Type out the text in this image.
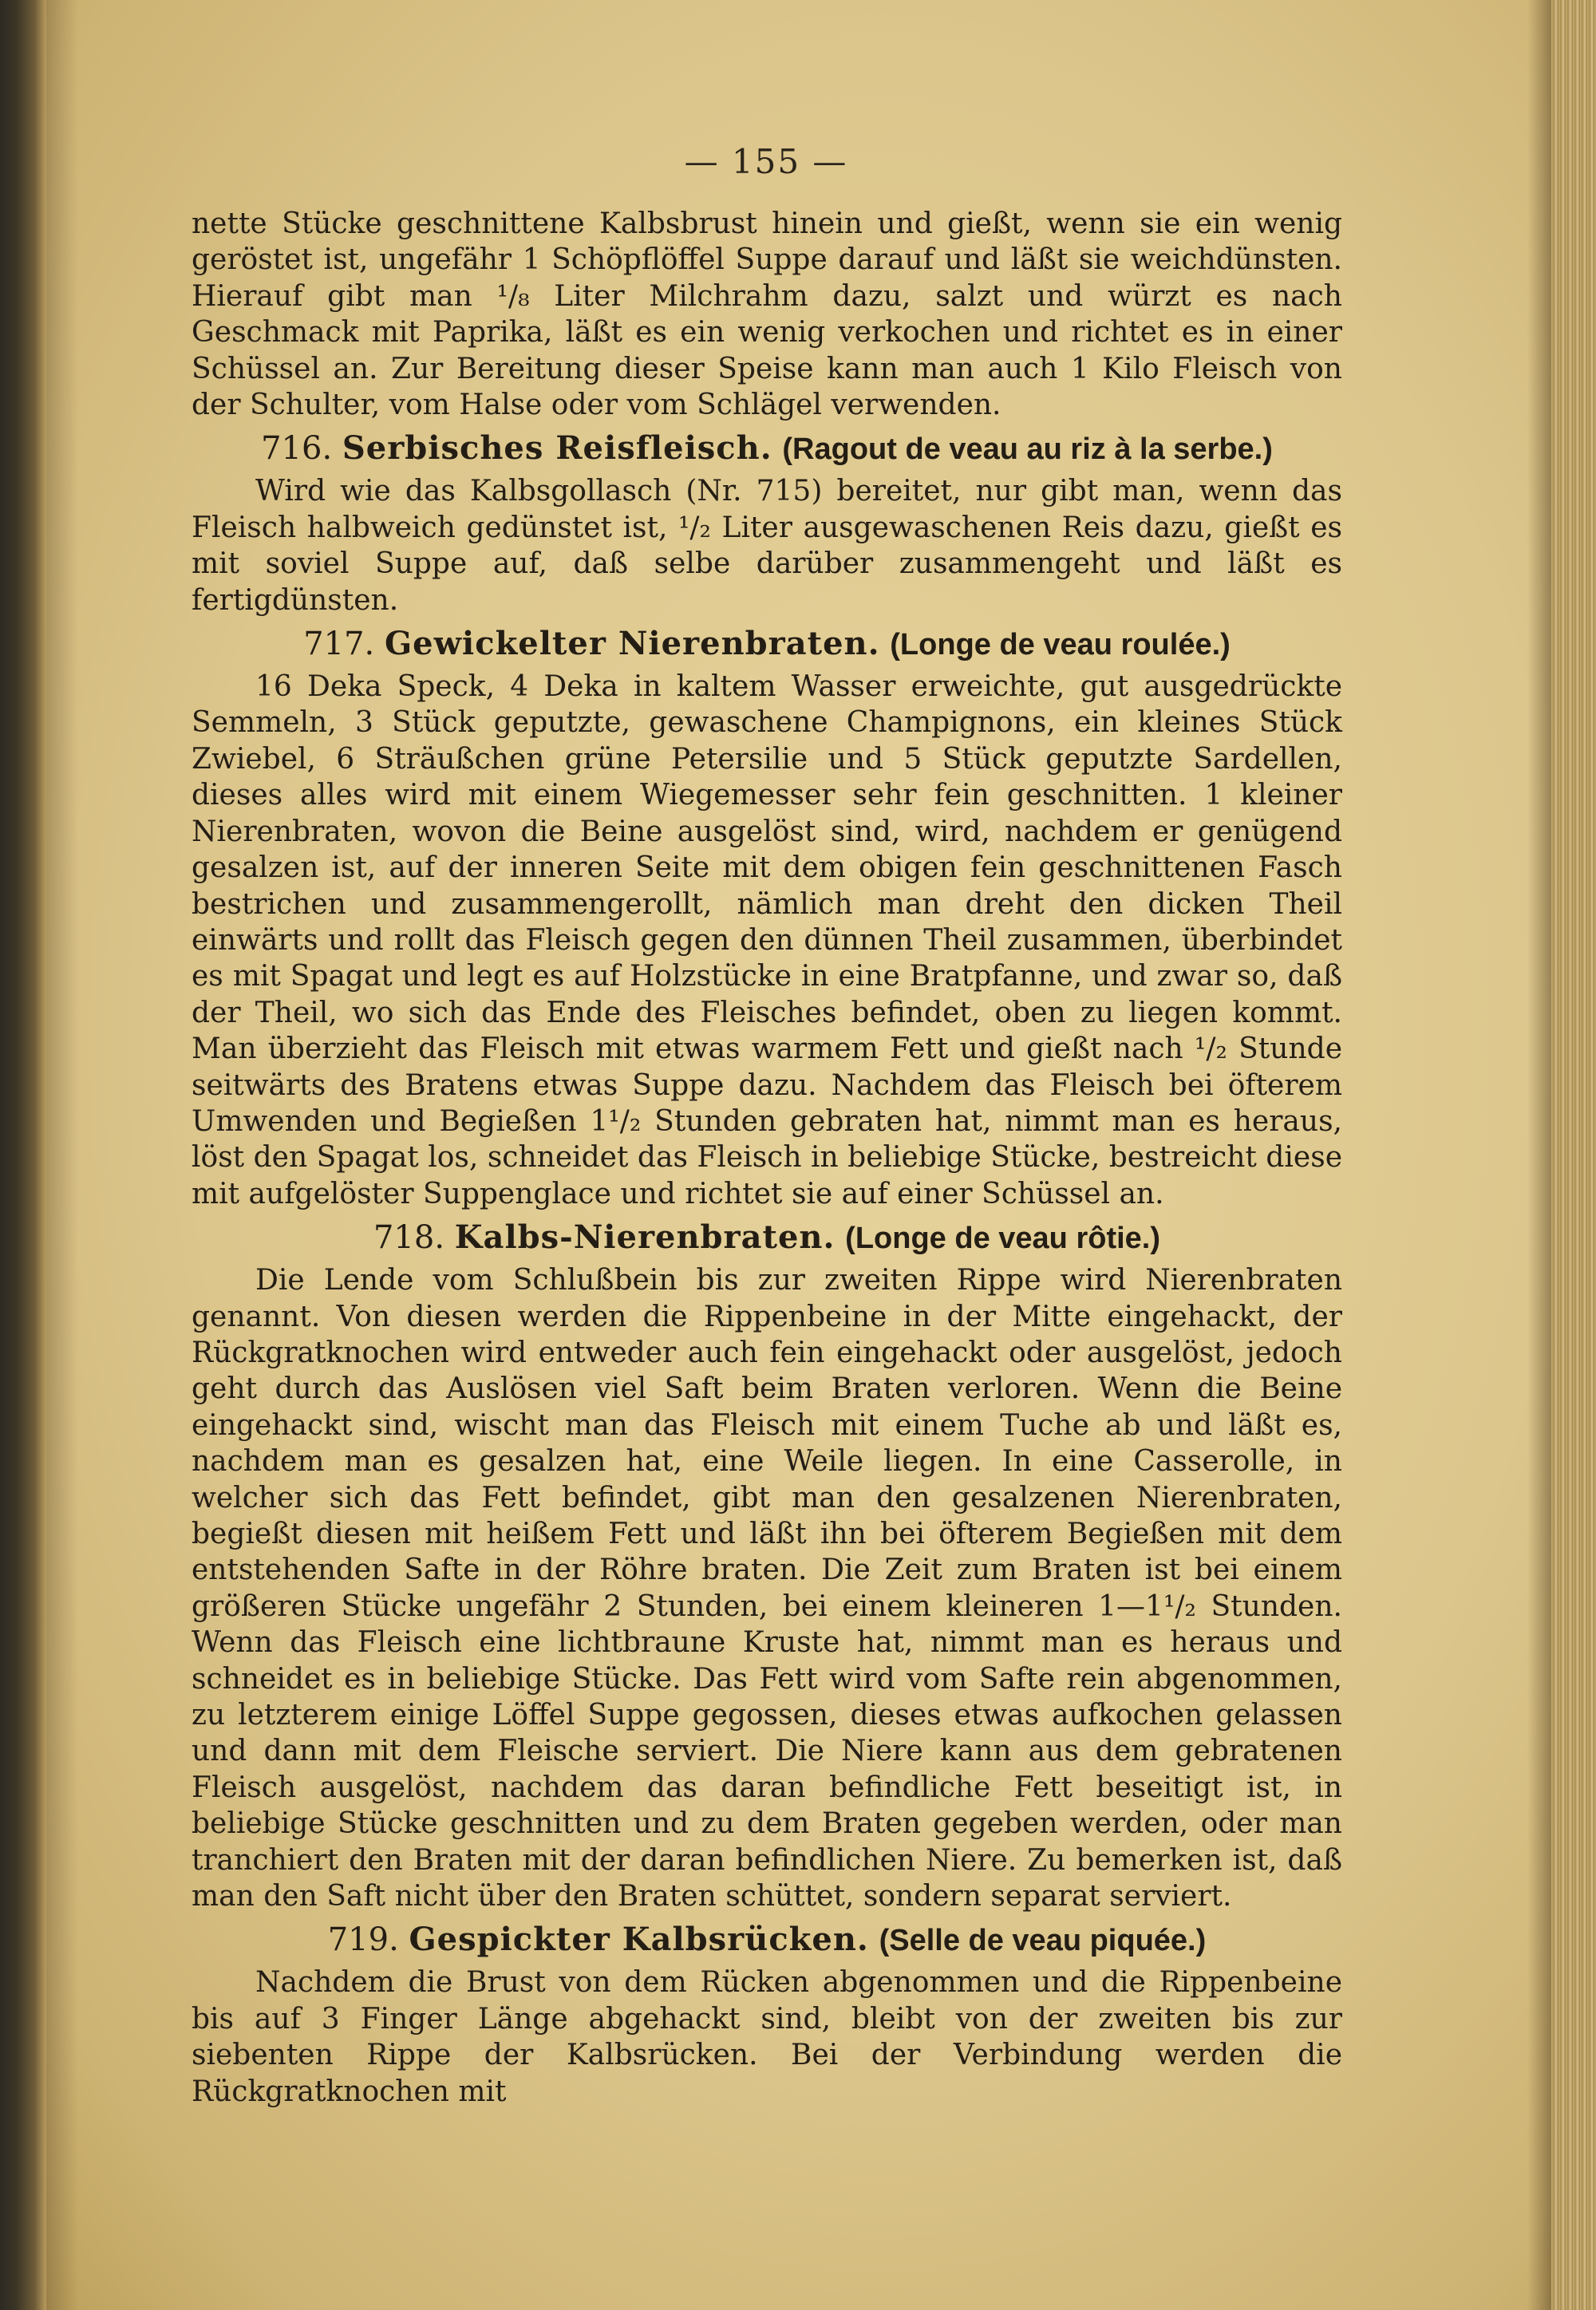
— 155 —

nette Stücke geschnittene Kalbsbrust hinein und gießt, wenn sie ein wenig geröstet ist, ungefähr 1 Schöpflöffel Suppe darauf und läßt sie weichdünsten. Hierauf gibt man ¹/₈ Liter Milchrahm dazu, salzt und würzt es nach Geschmack mit Paprika, läßt es ein wenig verkochen und richtet es in einer Schüssel an. Zur Bereitung dieser Speise kann man auch 1 Kilo Fleisch von der Schulter, vom Halse oder vom Schlägel verwenden.

716. Serbisches Reisfleisch. (Ragout de veau au riz à la serbe.)

Wird wie das Kalbsgollasch (Nr. 715) bereitet, nur gibt man, wenn das Fleisch halbweich gedünstet ist, ¹/₂ Liter ausgewaschenen Reis dazu, gießt es mit soviel Suppe auf, daß selbe darüber zusammengeht und läßt es fertigdünsten.

717. Gewickelter Nierenbraten. (Longe de veau roulée.)

16 Deka Speck, 4 Deka in kaltem Wasser erweichte, gut ausgedrückte Semmeln, 3 Stück geputzte, gewaschene Champignons, ein kleines Stück Zwiebel, 6 Sträußchen grüne Petersilie und 5 Stück geputzte Sardellen, dieses alles wird mit einem Wiegemesser sehr fein geschnitten. 1 kleiner Nierenbraten, wovon die Beine ausgelöst sind, wird, nachdem er genügend gesalzen ist, auf der inneren Seite mit dem obigen fein geschnittenen Fasch bestrichen und zusammengerollt, nämlich man dreht den dicken Theil einwärts und rollt das Fleisch gegen den dünnen Theil zusammen, überbindet es mit Spagat und legt es auf Holzstücke in eine Bratpfanne, und zwar so, daß der Theil, wo sich das Ende des Fleisches befindet, oben zu liegen kommt. Man überzieht das Fleisch mit etwas warmem Fett und gießt nach ¹/₂ Stunde seitwärts des Bratens etwas Suppe dazu. Nachdem das Fleisch bei öfterem Umwenden und Begießen 1¹/₂ Stunden gebraten hat, nimmt man es heraus, löst den Spagat los, schneidet das Fleisch in beliebige Stücke, bestreicht diese mit aufgelöster Suppenglace und richtet sie auf einer Schüssel an.

718. Kalbs-Nierenbraten. (Longe de veau rôtie.)

Die Lende vom Schlußbein bis zur zweiten Rippe wird Nierenbraten genannt. Von diesen werden die Rippenbeine in der Mitte eingehackt, der Rückgratknochen wird entweder auch fein eingehackt oder ausgelöst, jedoch geht durch das Auslösen viel Saft beim Braten verloren. Wenn die Beine eingehackt sind, wischt man das Fleisch mit einem Tuche ab und läßt es, nachdem man es gesalzen hat, eine Weile liegen. In eine Casserolle, in welcher sich das Fett befindet, gibt man den gesalzenen Nierenbraten, begießt diesen mit heißem Fett und läßt ihn bei öfterem Begießen mit dem entstehenden Safte in der Röhre braten. Die Zeit zum Braten ist bei einem größeren Stücke ungefähr 2 Stunden, bei einem kleineren 1—1¹/₂ Stunden. Wenn das Fleisch eine lichtbraune Kruste hat, nimmt man es heraus und schneidet es in beliebige Stücke. Das Fett wird vom Safte rein abgenommen, zu letzterem einige Löffel Suppe gegossen, dieses etwas aufkochen gelassen und dann mit dem Fleische serviert. Die Niere kann aus dem gebratenen Fleisch ausgelöst, nachdem das daran befindliche Fett beseitigt ist, in beliebige Stücke geschnitten und zu dem Braten gegeben werden, oder man tranchiert den Braten mit der daran befindlichen Niere. Zu bemerken ist, daß man den Saft nicht über den Braten schüttet, sondern separat serviert.

719. Gespickter Kalbsrücken. (Selle de veau piquée.)

Nachdem die Brust von dem Rücken abgenommen und die Rippenbeine bis auf 3 Finger Länge abgehackt sind, bleibt von der zweiten bis zur siebenten Rippe der Kalbsrücken. Bei der Verbindung werden die Rückgratknochen mit
